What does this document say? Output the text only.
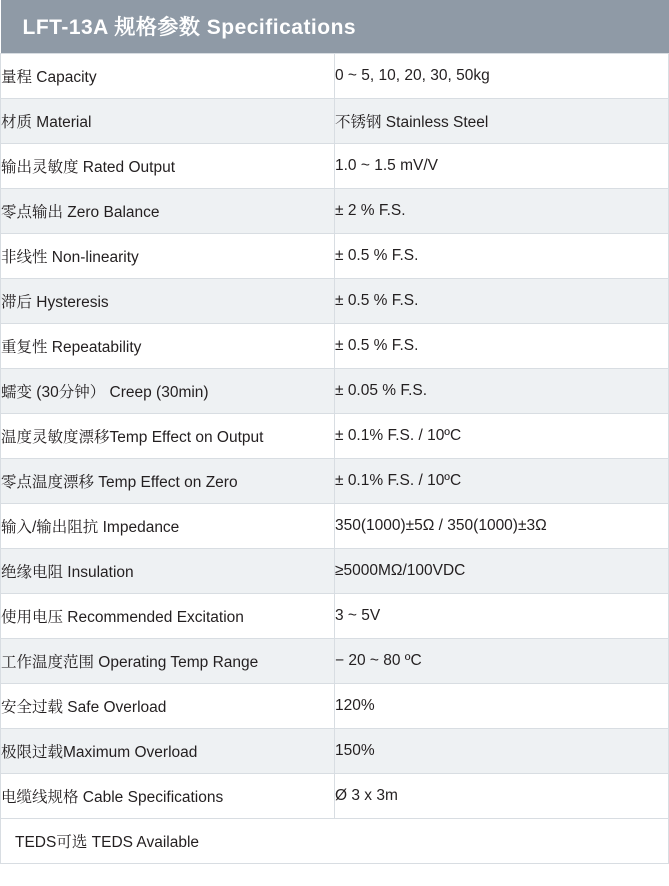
LFT-13A 规格参数 Specifications	
量程 Capacity	0 ~ 5, 10, 20, 30, 50kg
材质 Material	不锈钢 Stainless Steel
输出灵敏度 Rated Output	1.0 ~ 1.5 mV/V
零点输出 Zero Balance	± 2 % F.S.
非线性 Non-linearity	± 0.5 % F.S.
滞后 Hysteresis	± 0.5 % F.S.
重复性 Repeatability	± 0.5 % F.S.
蠕变 (30分钟） Creep (30min)	± 0.05 % F.S.
温度灵敏度漂移Temp Effect on Output	± 0.1% F.S. / 10ºC
零点温度漂移 Temp Effect on Zero	± 0.1% F.S. / 10ºC
输入/输出阻抗 Impedance	350(1000)±5Ω / 350(1000)±3Ω
绝缘电阻 Insulation	≥5000MΩ/100VDC
使用电压 Recommended Excitation	3 ~ 5V
工作温度范围 Operating Temp Range	− 20 ~ 80 ºC
安全过载 Safe Overload	120%
极限过载Maximum Overload	150%
电缆线规格 Cable Specifications	Ø 3 x 3m
TEDS可选 TEDS Available	
